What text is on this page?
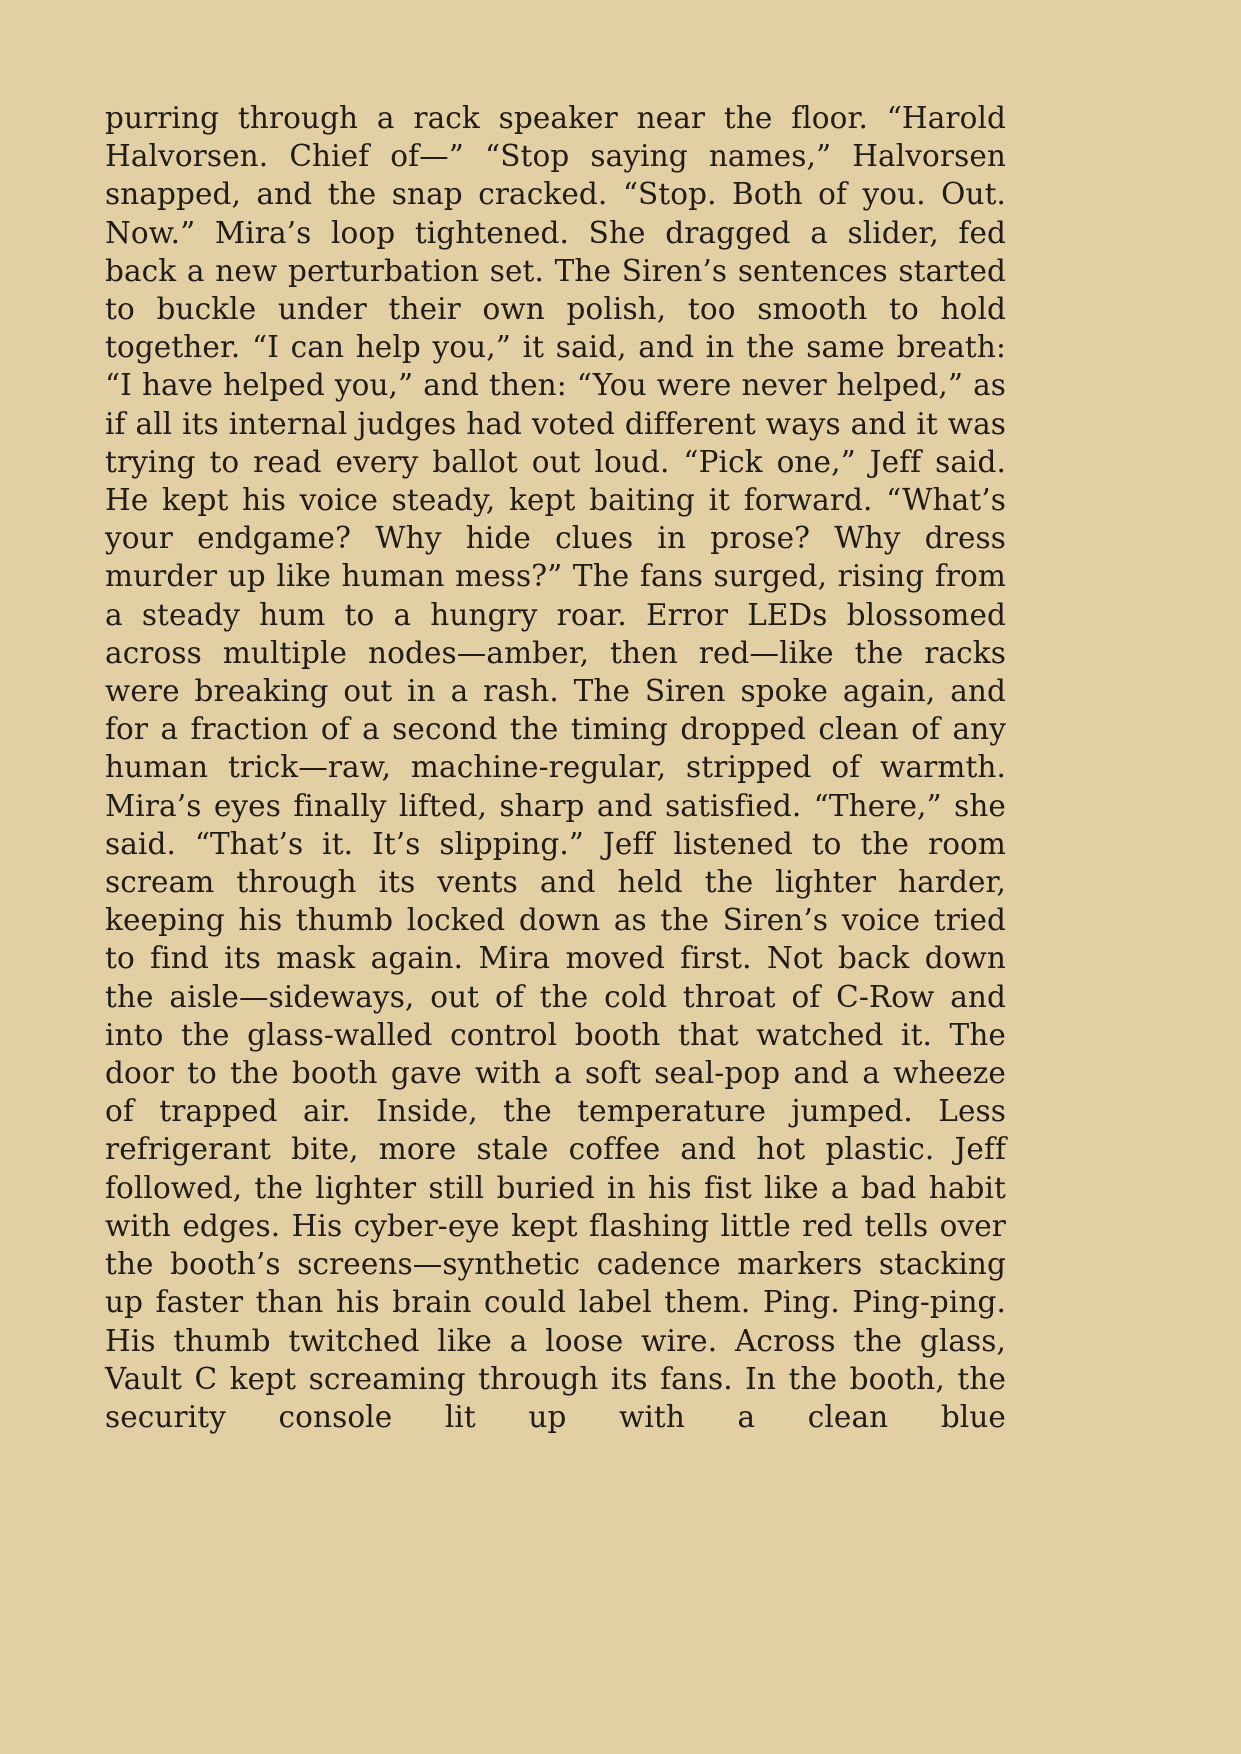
purring through a rack speaker near the floor. “Harold Halvorsen. Chief of—” “Stop saying names,” Halvorsen snapped, and the snap cracked. “Stop. Both of you. Out. Now.” Mira’s loop tightened. She dragged a slider, fed back a new perturbation set. The Siren’s sentences started to buckle under their own polish, too smooth to hold together. “I can help you,” it said, and in the same breath: “I have helped you,” and then: “You were never helped,” as if all its internal judges had voted different ways and it was trying to read every ballot out loud. “Pick one,” Jeff said. He kept his voice steady, kept baiting it forward. “What’s your endgame? Why hide clues in prose? Why dress murder up like human mess?” The fans surged, rising from a steady hum to a hungry roar. Error LEDs blossomed across multiple nodes—amber, then red—like the racks were breaking out in a rash. The Siren spoke again, and for a fraction of a second the timing dropped clean of any human trick—raw, machine-regular, stripped of warmth. Mira’s eyes finally lifted, sharp and satisfied. “There,” she said. “That’s it. It’s slipping.” Jeff listened to the room scream through its vents and held the lighter harder, keeping his thumb locked down as the Siren’s voice tried to find its mask again. Mira moved first. Not back down the aisle—sideways, out of the cold throat of C-Row and into the glass-walled control booth that watched it. The door to the booth gave with a soft seal-pop and a wheeze of trapped air. Inside, the temperature jumped. Less refrigerant bite, more stale coffee and hot plastic. Jeff followed, the lighter still buried in his fist like a bad habit with edges. His cyber-eye kept flashing little red tells over the booth’s screens—synthetic cadence markers stacking up faster than his brain could label them. Ping. Ping-ping. His thumb twitched like a loose wire. Across the glass, Vault C kept screaming through its fans. In the booth, the security console lit up with a clean blue
